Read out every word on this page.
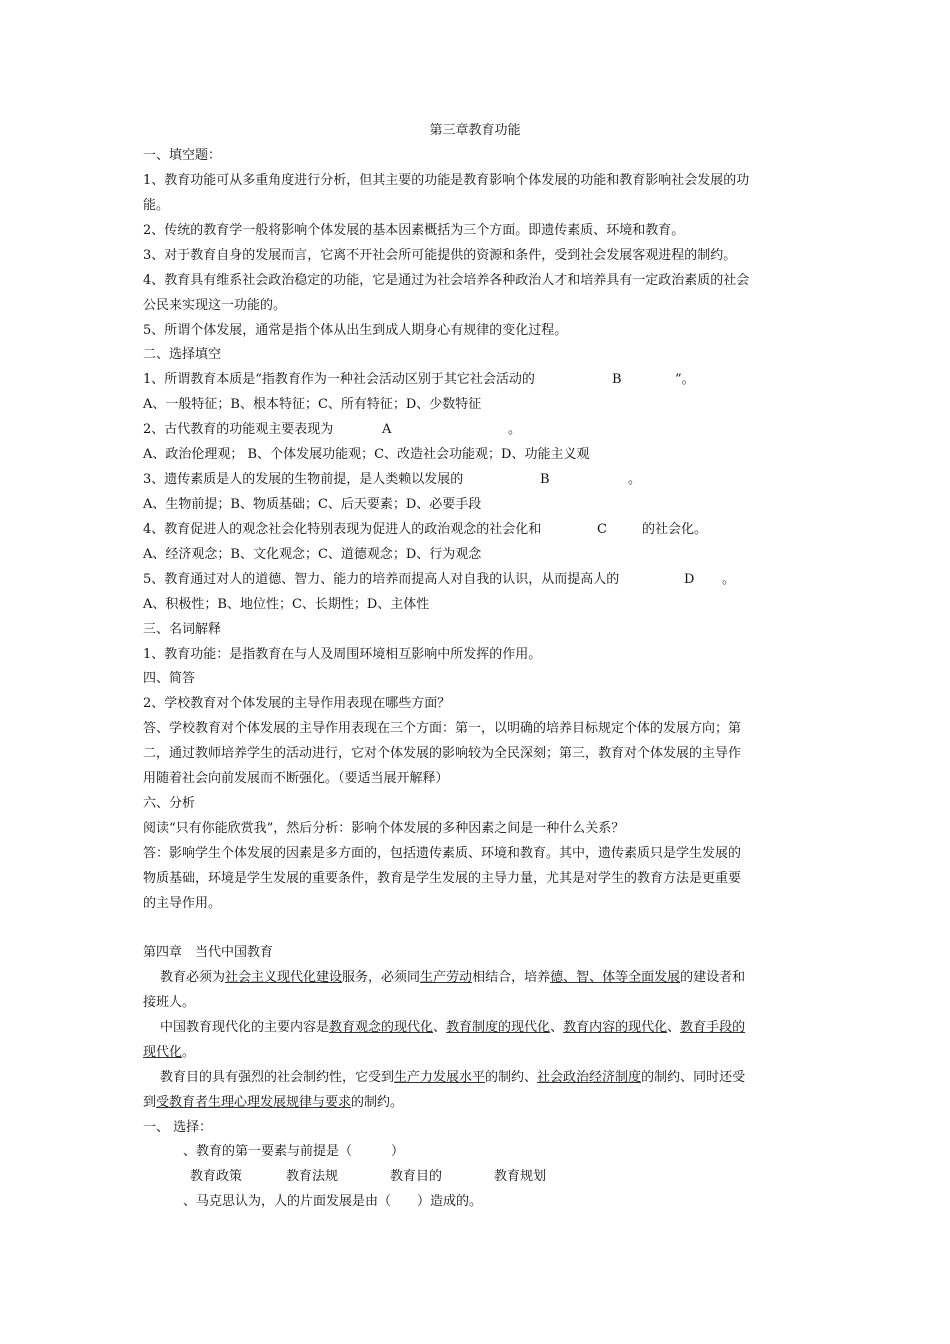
第三章教育功能
一、填空题：
1、教育功能可从多重角度进行分析，但其主要的功能是教育影响个体发展的功能和教育影响社会发展的功
能。
2、传统的教育学一般将影响个体发展的基本因素概括为三个方面。即遗传素质、环境和教育。
3、对于教育自身的发展而言，它离不开社会所可能提供的资源和条件，受到社会发展客观进程的制约。
4、教育具有维系社会政治稳定的功能，它是通过为社会培养各种政治人才和培养具有一定政治素质的社会
公民来实现这一功能的。
5、所谓个体发展，通常是指个体从出生到成人期身心有规律的变化过程。
二、选择填空
1、所谓教育本质是“指教育作为一种社会活动区别于其它社会活动的	B	”。
A、一般特征；B、根本特征；C、所有特征；D、少数特征
2、古代教育的功能观主要表现为	A	。
A、政治伦理观； B、个体发展功能观；C、改造社会功能观；D、功能主义观
3、遗传素质是人的发展的生物前提，是人类赖以发展的	B	。
A、生物前提；B、物质基础；C、后天要素；D、必要手段
4、教育促进人的观念社会化特别表现为促进人的政治观念的社会化和	C	的社会化。
A、经济观念；B、文化观念；C、道德观念；D、行为观念
5、教育通过对人的道德、智力、能力的培养而提高人对自我的认识，从而提高人的	D 。
A、积极性；B、地位性；C、长期性；D、主体性
三、名词解释
1、教育功能：是指教育在与人及周围环境相互影响中所发挥的作用。
四、简答
2、学校教育对个体发展的主导作用表现在哪些方面？
答、学校教育对个体发展的主导作用表现在三个方面：第一，以明确的培养目标规定个体的发展方向；第
二，通过教师培养学生的活动进行，它对个体发展的影响较为全民深刻；第三，教育对个体发展的主导作
用随着社会向前发展而不断强化。（要适当展开解释）
六、分析
阅读“只有你能欣赏我”，然后分析：影响个体发展的多种因素之间是一种什么关系？
答：影响学生个体发展的因素是多方面的，包括遗传素质、环境和教育。其中，遗传素质只是学生发展的
物质基础，环境是学生发展的重要条件，教育是学生发展的主导力量，尤其是对学生的教育方法是更重要
的主导作用。
第四章　当代中国教育
教育必须为社会主义现代化建设服务，必须同生产劳动相结合，培养德、智、体等全面发展的建设者和
接班人。
中国教育现代化的主要内容是教育观念的现代化、教育制度的现代化、教育内容的现代化、教育手段的
现代化。
教育目的具有强烈的社会制约性，它受到生产力发展水平的制约、社会政治经济制度的制约、同时还受
到受教育者生理心理发展规律与要求的制约。
一、 选择：
、教育的第一要素与前提是（　　　）
教育政策	教育法规	教育目的	教育规划
、马克思认为，人的片面发展是由（　　）造成的。
